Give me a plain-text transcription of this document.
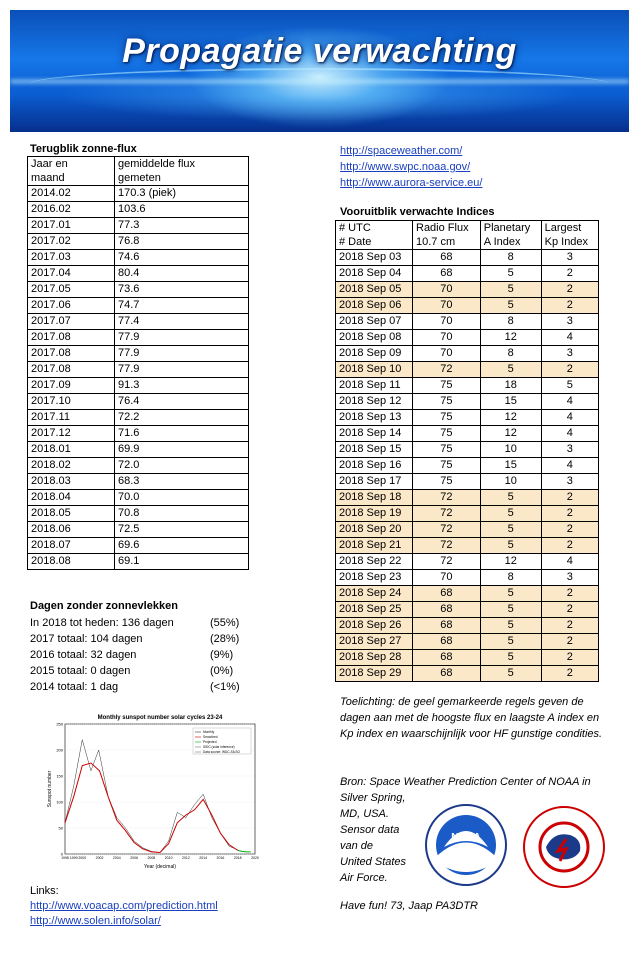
Propagatie verwachting
Terugblik zonne-flux
Jaar en	gemiddelde flux
maand	gemeten
2014.02	170.3 (piek)
2016.02	103.6
2017.01	77.3
2017.02	76.8
2017.03	74.6
2017.04	80.4
2017.05	73.6
2017.06	74.7
2017.07	77.4
2017.08	77.9
2017.08	77.9
2017.08	77.9
2017.09	91.3
2017.10	76.4
2017.11	72.2
2017.12	71.6
2018.01	69.9
2018.02	72.0
2018.03	68.3
2018.04	70.0
2018.05	70.8
2018.06	72.5
2018.07	69.6
2018.08	69.1
http://spaceweather.com/
http://www.swpc.noaa.gov/
http://www.aurora-service.eu/
Vooruitblik verwachte Indices
# UTC	Radio Flux	Planetary	Largest
# Date	10.7 cm	A Index	Kp Index
2018 Sep 03	68	8	3
2018 Sep 04	68	5	2
2018 Sep 05	70	5	2
2018 Sep 06	70	5	2
2018 Sep 07	70	8	3
2018 Sep 08	70	12	4
2018 Sep 09	70	8	3
2018 Sep 10	72	5	2
2018 Sep 11	75	18	5
2018 Sep 12	75	15	4
2018 Sep 13	75	12	4
2018 Sep 14	75	12	4
2018 Sep 15	75	10	3
2018 Sep 16	75	15	4
2018 Sep 17	75	10	3
2018 Sep 18	72	5	2
2018 Sep 19	72	5	2
2018 Sep 20	72	5	2
2018 Sep 21	72	5	2
2018 Sep 22	72	12	4
2018 Sep 23	70	8	3
2018 Sep 24	68	5	2
2018 Sep 25	68	5	2
2018 Sep 26	68	5	2
2018 Sep 27	68	5	2
2018 Sep 28	68	5	2
2018 Sep 29	68	5	2
Dagen zonder zonnevlekken
In 2018 tot heden: 136 dagen	(55%)
2017 totaal: 104 dagen	(28%)
2016 totaal: 32 dagen	(9%)
2015 totaal: 0 dagen	(0%)
2014 totaal: 1 dag	(<1%)
Monthly sunspot number solar cycles 23-24
Year (decimal)
Sunspot number
0
50
100
150
200
250
1998 1999 2000	2002	2004	2006	2008	2010	2012	2014	2016	2018	2020
Monthly
Smoothed
Projected
SIDC (solar inference)
Data source: WDC-SILSO
Toelichting: de geel gemarkeerde regels geven de dagen aan met de hoogste flux en laagste A index en Kp index en waarschijnlijk voor HF gunstige condities.
Bron: Space Weather Prediction Center of NOAA in
Silver Spring,
MD, USA.
Sensor data
van de
United States
Air Force.
NOAA
Have fun! 73, Jaap PA3DTR
Links:
http://www.voacap.com/prediction.html
http://www.solen.info/solar/
